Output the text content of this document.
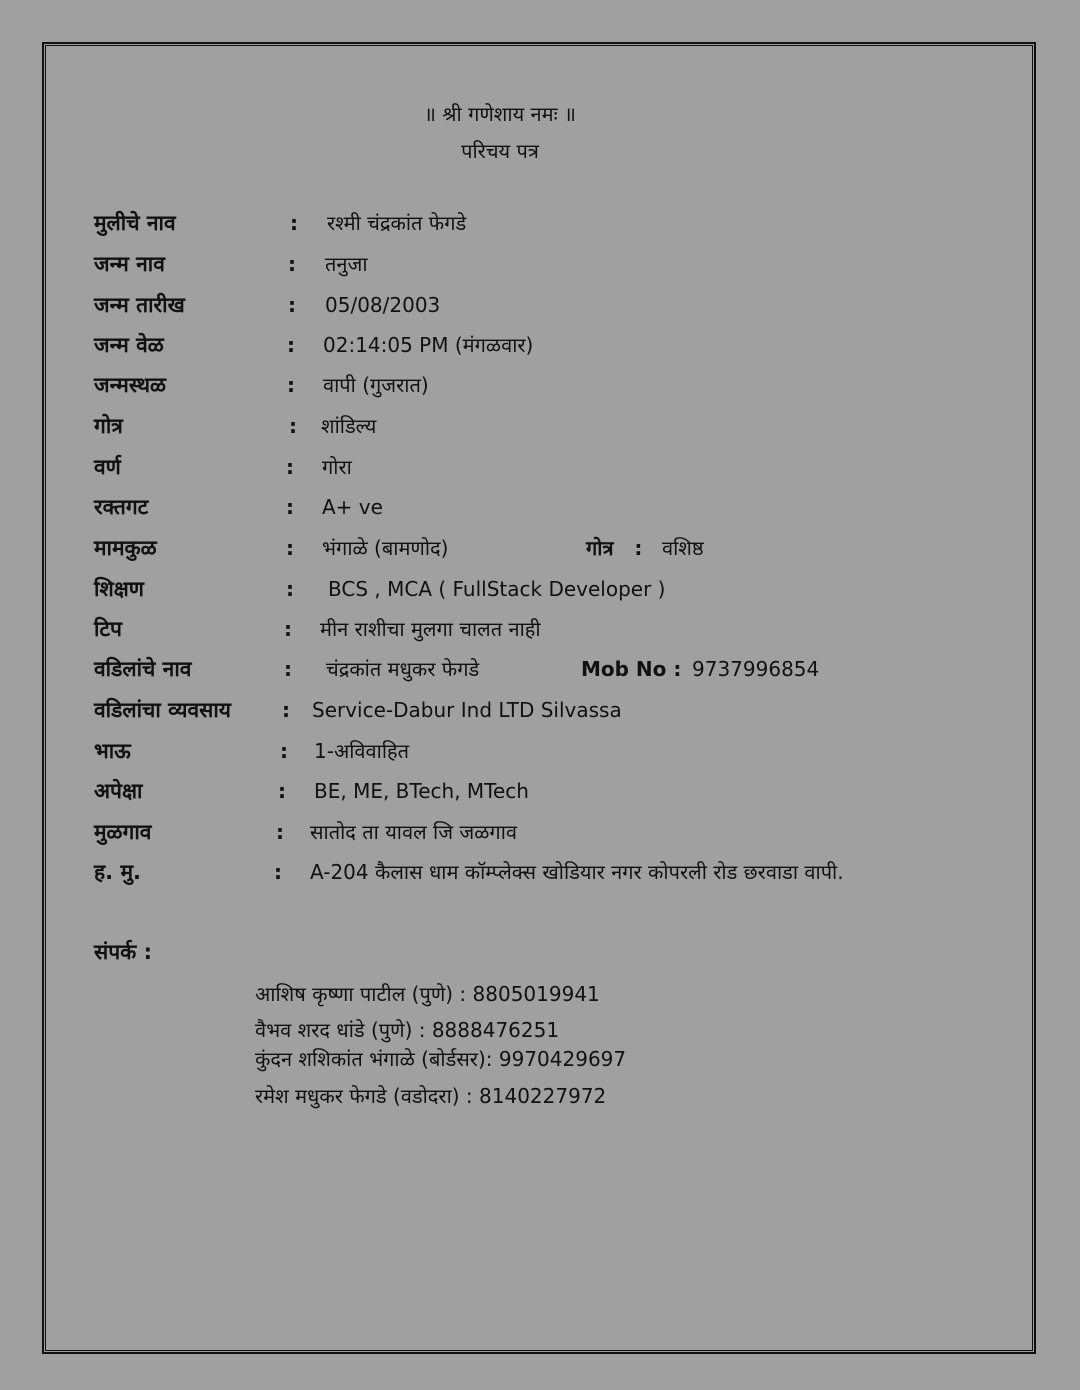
॥ श्री गणेशाय नमः ॥
परिचय पत्र
मुलीचे नाव	: रश्मी चंद्रकांत फेगडे
जन्म नाव	: तनुजा
जन्म तारीख	: 05/08/2003
जन्म वेळ	: 02:14:05 PM (मंगळवार)
जन्मस्थळ	: वापी (गुजरात)
गोत्र	: शांडिल्य
वर्ण	: गोरा
रक्तगट	: A+ ve
मामकुळ	: भंगाळे (बामणोद)	गोत्र   : वशिष्ठ
शिक्षण	: BCS , MCA ( FullStack Developer )
टिप	: मीन राशीचा मुलगा चालत नाही
वडिलांचे नाव	: चंद्रकांत मधुकर फेगडे	Mob No : 9737996854
वडिलांचा व्यवसाय	: Service-Dabur Ind LTD Silvassa
भाऊ	: 1-अविवाहित
अपेक्षा	: BE, ME, BTech, MTech
मुळगाव	: सातोद ता यावल जि जळगाव
ह. मु.	: A-204 कैलास धाम कॉम्प्लेक्स खोडियार नगर कोपरली रोड छरवाडा वापी.
संपर्क :
आशिष कृष्णा पाटील (पुणे) : 8805019941
वैभव शरद धांडे (पुणे) : 8888476251
कुंदन शशिकांत भंगाळे (बोर्डसर): 9970429697
रमेश मधुकर फेगडे (वडोदरा) : 8140227972
